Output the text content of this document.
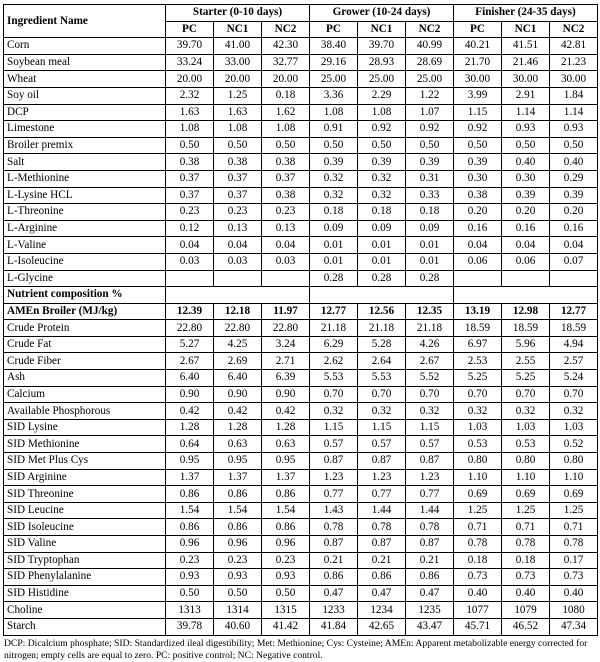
Ingredient Name	Starter (0-10 days)			Grower (10-24 days)			Finisher (24-35 days)		
	PC	NC1	NC2	PC	NC1	NC2	PC	NC1	NC2
Corn	39.70	41.00	42.30	38.40	39.70	40.99	40.21	41.51	42.81
Soybean meal	33.24	33.00	32.77	29.16	28.93	28.69	21.70	21.46	21.23
Wheat	20.00	20.00	20.00	25.00	25.00	25.00	30.00	30.00	30.00
Soy oil	2.32	1.25	0.18	3.36	2.29	1.22	3.99	2.91	1.84
DCP	1.63	1.63	1.62	1.08	1.08	1.07	1.15	1.14	1.14
Limestone	1.08	1.08	1.08	0.91	0.92	0.92	0.92	0.93	0.93
Broiler premix	0.50	0.50	0.50	0.50	0.50	0.50	0.50	0.50	0.50
Salt	0.38	0.38	0.38	0.39	0.39	0.39	0.39	0.40	0.40
L-Methionine	0.37	0.37	0.37	0.32	0.32	0.31	0.30	0.30	0.29
L-Lysine HCL	0.37	0.37	0.38	0.32	0.32	0.33	0.38	0.39	0.39
L-Threonine	0.23	0.23	0.23	0.18	0.18	0.18	0.20	0.20	0.20
L-Arginine	0.12	0.13	0.13	0.09	0.09	0.09	0.16	0.16	0.16
L-Valine	0.04	0.04	0.04	0.01	0.01	0.01	0.04	0.04	0.04
L-Isoleucine	0.03	0.03	0.03	0.01	0.01	0.01	0.06	0.06	0.07
L-Glycine				0.28	0.28	0.28			
Nutrient composition %									
AMEn Broiler (MJ/kg)	12.39	12.18	11.97	12.77	12.56	12.35	13.19	12.98	12.77
Crude Protein	22.80	22.80	22.80	21.18	21.18	21.18	18.59	18.59	18.59
Crude Fat	5.27	4.25	3.24	6.29	5.28	4.26	6.97	5.96	4.94
Crude Fiber	2.67	2.69	2.71	2.62	2.64	2.67	2.53	2.55	2.57
Ash	6.40	6.40	6.39	5.53	5.53	5.52	5.25	5.25	5.24
Calcium	0.90	0.90	0.90	0.70	0.70	0.70	0.70	0.70	0.70
Available Phosphorous	0.42	0.42	0.42	0.32	0.32	0.32	0.32	0.32	0.32
SID Lysine	1.28	1.28	1.28	1.15	1.15	1.15	1.03	1.03	1.03
SID Methionine	0.64	0.63	0.63	0.57	0.57	0.57	0.53	0.53	0.52
SID Met Plus Cys	0.95	0.95	0.95	0.87	0.87	0.87	0.80	0.80	0.80
SID Arginine	1.37	1.37	1.37	1.23	1.23	1.23	1.10	1.10	1.10
SID Threonine	0.86	0.86	0.86	0.77	0.77	0.77	0.69	0.69	0.69
SID Leucine	1.54	1.54	1.54	1.43	1.44	1.44	1.25	1.25	1.25
SID Isoleucine	0.86	0.86	0.86	0.78	0.78	0.78	0.71	0.71	0.71
SID Valine	0.96	0.96	0.96	0.87	0.87	0.87	0.78	0.78	0.78
SID Tryptophan	0.23	0.23	0.23	0.21	0.21	0.21	0.18	0.18	0.17
SID Phenylalanine	0.93	0.93	0.93	0.86	0.86	0.86	0.73	0.73	0.73
SID Histidine	0.50	0.50	0.50	0.47	0.47	0.47	0.40	0.40	0.40
Choline	1313	1314	1315	1233	1234	1235	1077	1079	1080
Starch	39.78	40.60	41.42	41.84	42.65	43.47	45.71	46.52	47.34
DCP: Dicalcium phosphate; SID: Standardized ileal digestibility; Met: Methionine; Cys: Cysteine; AMEn: Apparent metabolizable energy corrected for nitrogen; empty cells are equal to zero. PC: positive control; NC: Negative control.
